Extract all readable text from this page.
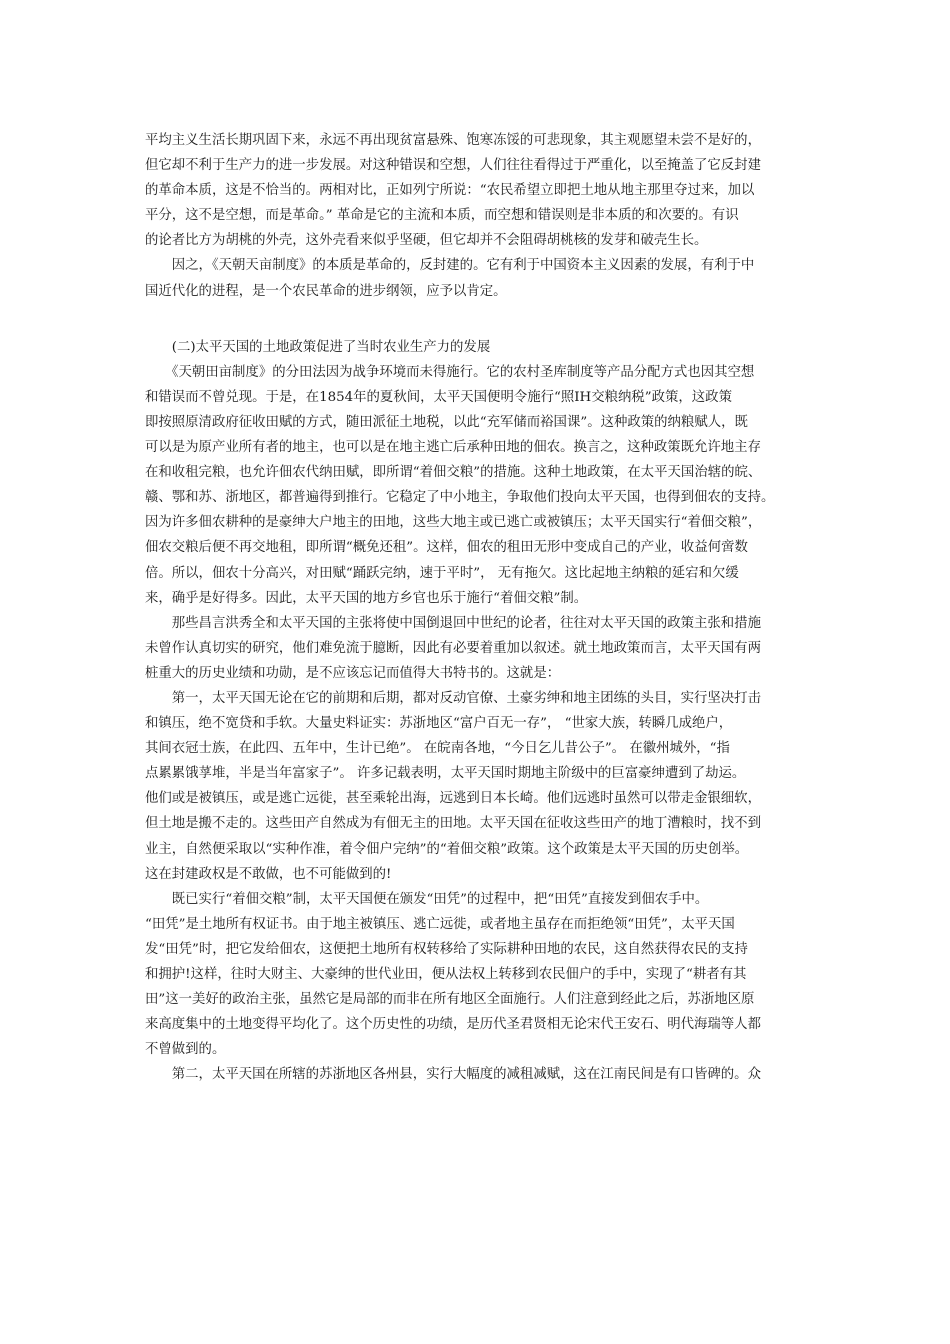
平均主义生活长期巩固下来，永远不再出现贫富悬殊、饱寒冻馁的可悲现象，其主观愿望未尝不是好的，

但它却不利于生产力的进一步发展。对这种错误和空想，人们往往看得过于严重化，以至掩盖了它反封建

的革命本质，这是不恰当的。两相对比，正如列宁所说：“农民希望立即把土地从地主那里夺过来，加以

平分，这不是空想，而是革命。” 革命是它的主流和本质，而空想和错误则是非本质的和次要的。有识

的论者比方为胡桃的外壳，这外壳看来似乎坚硬，但它却并不会阻碍胡桃核的发芽和破壳生长。

　　因之，《天朝天亩制度》的本质是革命的，反封建的。它有利于中国资本主义因素的发展，有利于中

国近代化的进程，是一个农民革命的进步纲领，应予以肯定。

　　(二)太平天国的土地政策促进了当时农业生产力的发展

　　《天朝田亩制度》的分田法因为战争环境而未得施行。它的农村圣库制度等产品分配方式也因其空想

和错误而不曾兑现。于是，在1854年的夏秋间，太平天国便明令施行“照IH交粮纳税”政策，这政策

即按照原清政府征收田赋的方式，随田派征土地税，以此“充军储而裕国课”。这种政策的纳粮赋人，既

可以是为原产业所有者的地主，也可以是在地主逃亡后承种田地的佃农。换言之，这种政策既允许地主存

在和收租完粮，也允许佃农代纳田赋，即所谓“着佃交粮”的措施。这种土地政策，在太平天国治辖的皖、

赣、鄂和苏、浙地区，都普遍得到推行。它稳定了中小地主，争取他们投向太平天国，也得到佃农的支持。

因为许多佃农耕种的是豪绅大户地主的田地，这些大地主或已逃亡或被镇压；太平天国实行“着佃交粮”，

佃农交粮后便不再交地租，即所谓“概免还租”。这样，佃农的租田无形中变成自己的产业，收益何啻数

倍。所以，佃农十分高兴，对田赋“踊跃完纳，速于平时”， 无有拖欠。这比起地主纳粮的延宕和欠缓

来，确乎是好得多。因此，太平天国的地方乡官也乐于施行“着佃交粮”制。

　　那些昌言洪秀全和太平天国的主张将使中国倒退回中世纪的论者，往往对太平天国的政策主张和措施

未曾作认真切实的研究，他们难免流于臆断，因此有必要着重加以叙述。就土地政策而言，太平天国有两

桩重大的历史业绩和功勋，是不应该忘记而值得大书特书的。这就是：

　　第一，太平天国无论在它的前期和后期，都对反动官僚、土豪劣绅和地主团练的头目，实行坚决打击

和镇压，绝不宽贷和手软。大量史料证实：苏浙地区“富户百无一存”， “世家大族，转瞬几成绝户，

其间衣冠士族，在此四、五年中，生计已绝”。 在皖南各地，“今日乞儿昔公子”。 在徽州城外，“指

点累累饿莩堆，半是当年富家子”。 许多记载表明，太平天国时期地主阶级中的巨富豪绅遭到了劫运。

他们或是被镇压，或是逃亡远徙，甚至乘轮出海，远逃到日本长崎。他们远逃时虽然可以带走金银细软，

但土地是搬不走的。这些田产自然成为有佃无主的田地。太平天国在征收这些田产的地丁漕粮时，找不到

业主，自然便采取以“实种作准，着令佃户完纳”的“着佃交粮”政策。这个政策是太平天国的历史创举。

这在封建政权是不敢做，也不可能做到的!

　　既已实行“着佃交粮”制，太平天国便在颁发“田凭”的过程中，把“田凭”直接发到佃农手中。

“田凭”是土地所有权证书。由于地主被镇压、逃亡远徙，或者地主虽存在而拒绝领“田凭”，太平天国

发“田凭”时，把它发给佃农，这便把土地所有权转移给了实际耕种田地的农民，这自然获得农民的支持

和拥护!这样，往时大财主、大豪绅的世代业田，便从法权上转移到农民佃户的手中，实现了“耕者有其

田”这一美好的政治主张，虽然它是局部的而非在所有地区全面施行。人们注意到经此之后，苏浙地区原

来高度集中的土地变得平均化了。这个历史性的功绩，是历代圣君贤相无论宋代王安石、明代海瑞等人都

不曾做到的。

　　第二，太平天国在所辖的苏浙地区各州县，实行大幅度的减租减赋，这在江南民间是有口皆碑的。众
